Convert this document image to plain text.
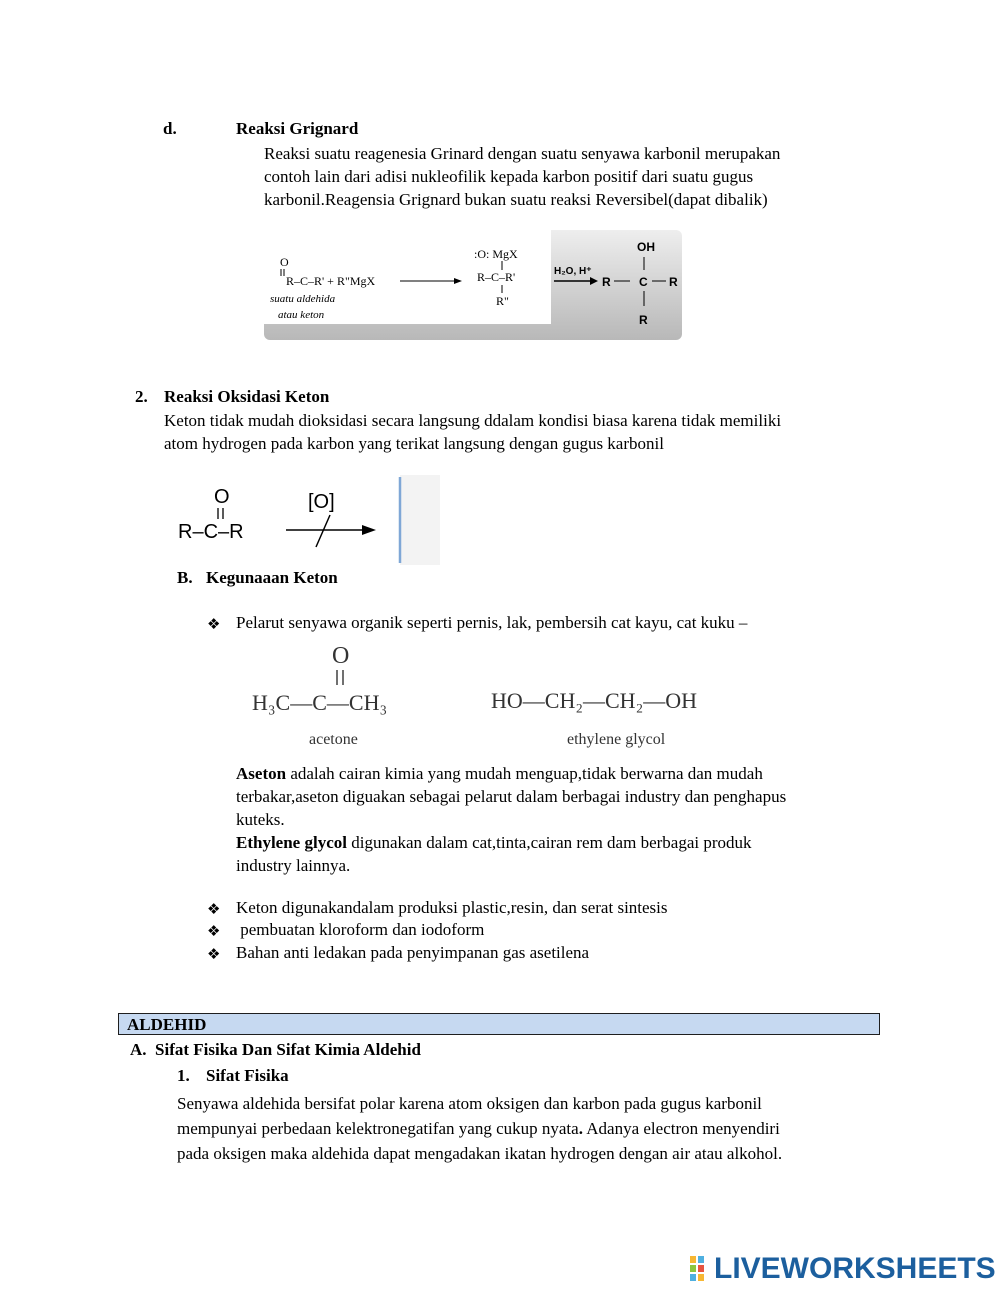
d.	Reaksi Grignard
Reaksi suatu reagenesia Grinard dengan suatu senyawa karbonil merupakan
contoh lain dari adisi nukleofilik kepada karbon positif dari suatu gugus
karbonil.Reagensia Grignard bukan suatu reaksi Reversibel(dapat dibalik)
O
R–C–R' + R"MgX
suatu aldehida
atau keton
:O: MgX
R–C–R'
R"
H₂O, H⁺
OH
R C R
R
2. Reaksi Oksidasi Keton
Keton tidak mudah dioksidasi secara langsung ddalam kondisi biasa karena tidak memiliki
atom hydrogen pada karbon yang terikat langsung dengan gugus karbonil
O
R–C–R
[O]
B. Kegunaaan Keton
❖ Pelarut senyawa organik seperti pernis, lak, pembersih cat kayu, cat kuku –
O
H₃C—C—CH₃
acetone
HO—CH₂—CH₂—OH
ethylene glycol
Aseton adalah cairan kimia yang mudah menguap,tidak berwarna dan mudah
terbakar,aseton diguakan sebagai pelarut dalam berbagai industry dan penghapus
kuteks.
Ethylene glycol digunakan dalam cat,tinta,cairan rem dam berbagai produk
industry lainnya.
❖ Keton digunakandalam produksi plastic,resin, dan serat sintesis
❖ pembuatan kloroform dan iodoform
❖ Bahan anti ledakan pada penyimpanan gas asetilena
ALDEHID
A.  Sifat Fisika Dan Sifat Kimia Aldehid
1. Sifat Fisika
Senyawa aldehida bersifat polar karena atom oksigen dan karbon pada gugus karbonil
mempunyai perbedaan kelektronegatifan yang cukup nyata. Adanya electron menyendiri
pada oksigen maka aldehida dapat mengadakan ikatan hydrogen dengan air atau alkohol.
LIVEWORKSHEETS
